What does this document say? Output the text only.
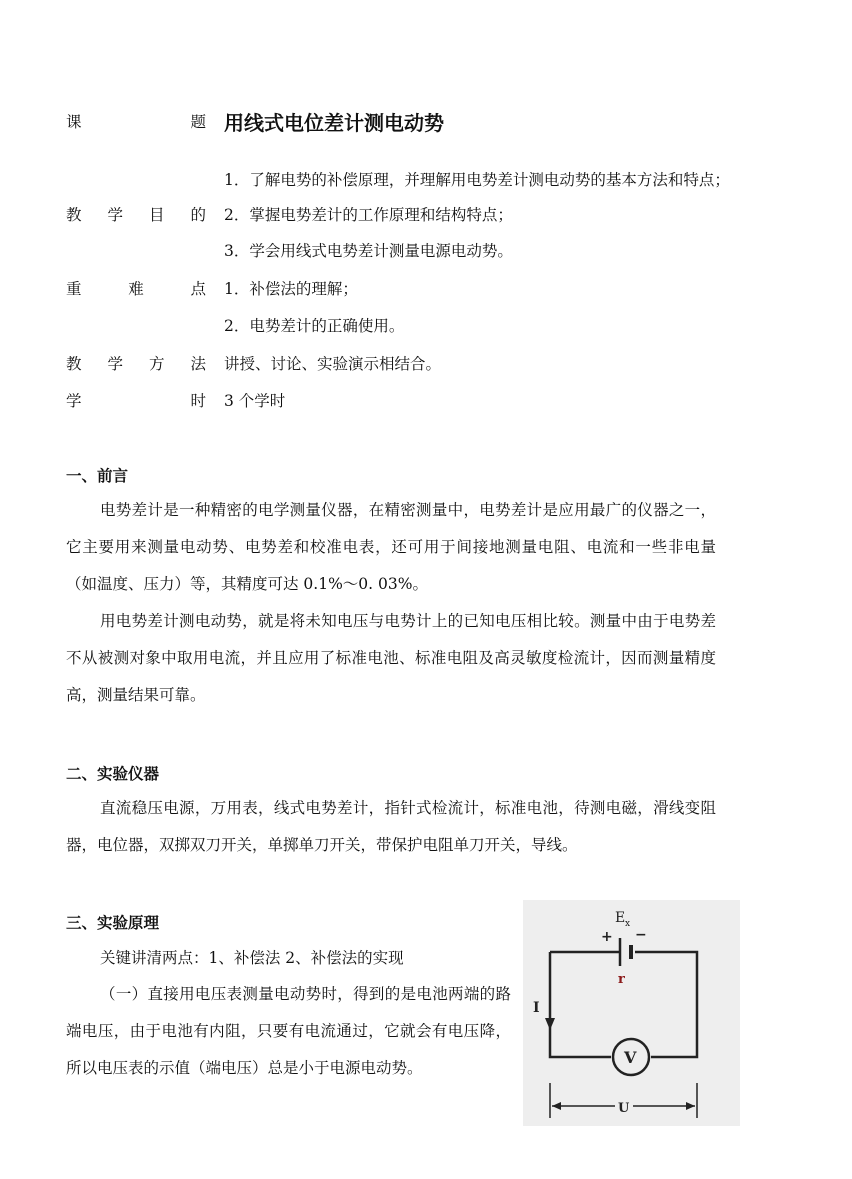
课	题 用线式电位差计测电动势
1．了解电势的补偿原理，并理解用电势差计测电动势的基本方法和特点；
教 学 目 的 2．掌握电势差计的工作原理和结构特点；
3．学会用线式电势差计测量电源电动势。
重	难	点 1．补偿法的理解；
2．电势差计的正确使用。
教 学 方 法 讲授、讨论、实验演示相结合。
学	时 3 个学时
一、前言
电势差计是一种精密的电学测量仪器，在精密测量中，电势差计是应用最广的仪器之一，它主要用来测量电动势、电势差和校准电表，还可用于间接地测量电阻、电流和一些非电量（如温度、压力）等，其精度可达 0.1%～0. 03%。
用电势差计测电动势，就是将未知电压与电势计上的已知电压相比较。测量中由于电势差不从被测对象中取用电流，并且应用了标准电池、标准电阻及高灵敏度检流计，因而测量精度高，测量结果可靠。
二、实验仪器
直流稳压电源，万用表，线式电势差计，指针式检流计，标准电池，待测电磁，滑线变阻器，电位器，双掷双刀开关，单掷单刀开关，带保护电阻单刀开关，导线。
三、实验原理
关键讲清两点：1、补偿法 2、补偿法的实现
（一）直接用电压表测量电动势时，得到的是电池两端的路端电压，由于电池有内阻，只要有电流通过，它就会有电压降，所以电压表的示值（端电压）总是小于电源电动势。
E x
+ −
r
I
V
U
